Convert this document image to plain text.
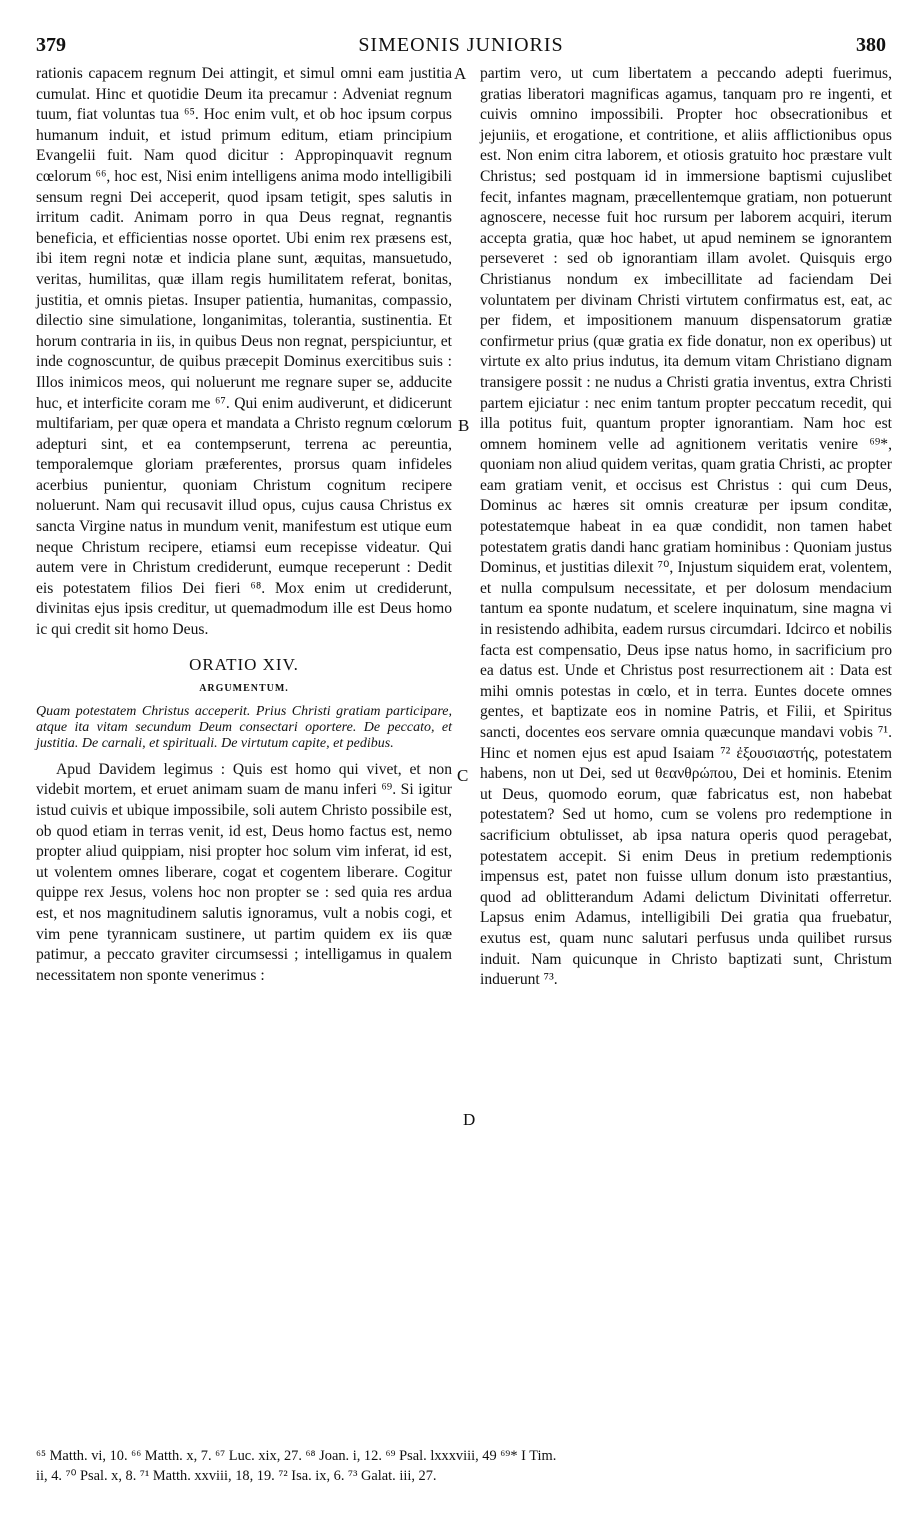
379	SIMEONIS JUNIORIS	380
A
B
C
D

rationis capacem regnum Dei attingit, et simul omni eam justitia cumulat. Hinc et quotidie Deum ita precamur : Adveniat regnum tuum, fiat voluntas tua ⁶⁵. Hoc enim vult, et ob hoc ipsum corpus humanum induit, et istud primum editum, etiam principium Evangelii fuit. Nam quod dicitur : Appropinquavit regnum cœlorum ⁶⁶, hoc est, Nisi enim intelligens anima modo intelligibili sensum regni Dei acceperit, quod ipsam tetigit, spes salutis in irritum cadit. Animam porro in qua Deus regnat, regnantis beneficia, et efficientias nosse oportet. Ubi enim rex præsens est, ibi item regni notæ et indicia plane sunt, æquitas, mansuetudo, veritas, humilitas, quæ illam regis humilitatem referat, bonitas, justitia, et omnis pietas. Insuper patientia, humanitas, compassio, dilectio sine simulatione, longanimitas, tolerantia, sustinentia. Et horum contraria in iis, in quibus Deus non regnat, perspiciuntur, et inde cognoscuntur, de quibus præcepit Dominus exercitibus suis : Illos inimicos meos, qui noluerunt me regnare super se, adducite huc, et interficite coram me ⁶⁷. Qui enim audiverunt, et didicerunt multifariam, per quæ opera et mandata a Christo regnum cœlorum adepturi sint, et ea contempserunt, terrena ac pereuntia, temporalemque gloriam præferentes, prorsus quam infideles acerbius punientur, quoniam Christum cognitum recipere noluerunt. Nam qui recusavit illud opus, cujus causa Christus ex sancta Virgine natus in mundum venit, manifestum est utique eum neque Christum recipere, etiamsi eum recepisse videatur. Qui autem vere in Christum crediderunt, eumque receperunt : Dedit eis potestatem filios Dei fieri ⁶⁸. Mox enim ut crediderunt, divinitas ejus ipsis creditur, ut quemadmodum ille est Deus homo ic qui credit sit homo Deus.

ORATIO XIV.
ARGUMENTUM.

Quam potestatem Christus acceperit. Prius Christi gratiam participare, atque ita vitam secundum Deum consectari oportere. De peccato, et justitia. De carnali, et spirituali. De virtutum capite, et pedibus.

Apud Davidem legimus : Quis est homo qui vivet, et non videbit mortem, et eruet animam suam de manu inferi ⁶⁹. Si igitur istud cuivis et ubique impossibile, soli autem Christo possibile est, ob quod etiam in terras venit, id est, Deus homo factus est, nemo propter aliud quippiam, nisi propter hoc solum vim inferat, id est, ut volentem omnes liberare, cogat et cogentem liberare. Cogitur quippe rex Jesus, volens hoc non propter se : sed quia res ardua est, et nos magnitudinem salutis ignoramus, vult a nobis cogi, et vim pene tyrannicam sustinere, ut partim quidem ex iis quæ patimur, a peccato graviter circumsessi ; intelligamus in qualem necessitatem non sponte venerimus :

partim vero, ut cum libertatem a peccando adepti fuerimus, gratias liberatori magnificas agamus, tanquam pro re ingenti, et cuivis omnino impossibili. Propter hoc obsecrationibus et jejuniis, et erogatione, et contritione, et aliis afflictionibus opus est. Non enim citra laborem, et otiosis gratuito hoc præstare vult Christus; sed postquam id in immersione baptismi cujuslibet fecit, infantes magnam, præcellentemque gratiam, non potuerunt agnoscere, necesse fuit hoc rursum per laborem acquiri, iterum accepta gratia, quæ hoc habet, ut apud neminem se ignorantem perseveret : sed ob ignorantiam illam avolet. Quisquis ergo Christianus nondum ex imbecillitate ad faciendam Dei voluntatem per divinam Christi virtutem confirmatus est, eat, ac per fidem, et impositionem manuum dispensatorum gratiæ confirmetur prius (quæ gratia ex fide donatur, non ex operibus) ut virtute ex alto prius indutus, ita demum vitam Christiano dignam transigere possit : ne nudus a Christi gratia inventus, extra Christi partem ejiciatur : nec enim tantum propter peccatum recedit, qui illa potitus fuit, quantum propter ignorantiam. Nam hoc est omnem hominem velle ad agnitionem veritatis venire ⁶⁹*, quoniam non aliud quidem veritas, quam gratia Christi, ac propter eam gratiam venit, et occisus est Christus : qui cum Deus, Dominus ac hæres sit omnis creaturæ per ipsum conditæ, potestatemque habeat in ea quæ condidit, non tamen habet potestatem gratis dandi hanc gratiam hominibus : Quoniam justus Dominus, et justitias dilexit ⁷⁰, Injustum siquidem erat, volentem, et nulla compulsum necessitate, et per dolosum mendacium tantum ea sponte nudatum, et scelere inquinatum, sine magna vi in resistendo adhibita, eadem rursus circumdari. Idcirco et nobilis facta est compensatio, Deus ipse natus homo, in sacrificium pro ea datus est. Unde et Christus post resurrectionem ait : Data est mihi omnis potestas in cœlo, et in terra. Euntes docete omnes gentes, et baptizate eos in nomine Patris, et Filii, et Spiritus sancti, docentes eos servare omnia quæcunque mandavi vobis ⁷¹. Hinc et nomen ejus est apud Isaiam ⁷² ἐξουσιαστής, potestatem habens, non ut Dei, sed ut θεανθρώπου, Dei et hominis. Etenim ut Deus, quomodo eorum, quæ fabricatus est, non habebat potestatem? Sed ut homo, cum se volens pro redemptione in sacrificium obtulisset, ab ipsa natura operis quod peragebat, potestatem accepit. Si enim Deus in pretium redemptionis impensus est, patet non fuisse ullum donum isto præstantius, quod ad oblitterandum Adami delictum Divinitati offerretur. Lapsus enim Adamus, intelligibili Dei gratia qua fruebatur, exutus est, quam nunc salutari perfusus unda quilibet rursus induit. Nam quicunque in Christo baptizati sunt, Christum induerunt ⁷³.

⁶⁵ Matth. vi, 10. ⁶⁶ Matth. x, 7. ⁶⁷ Luc. xix, 27. ⁶⁸ Joan. i, 12. ⁶⁹ Psal. lxxxviii, 49 ⁶⁹* I Tim.

ii, 4. ⁷⁰ Psal. x, 8. ⁷¹ Matth. xxviii, 18, 19. ⁷² Isa. ix, 6. ⁷³ Galat. iii, 27.
